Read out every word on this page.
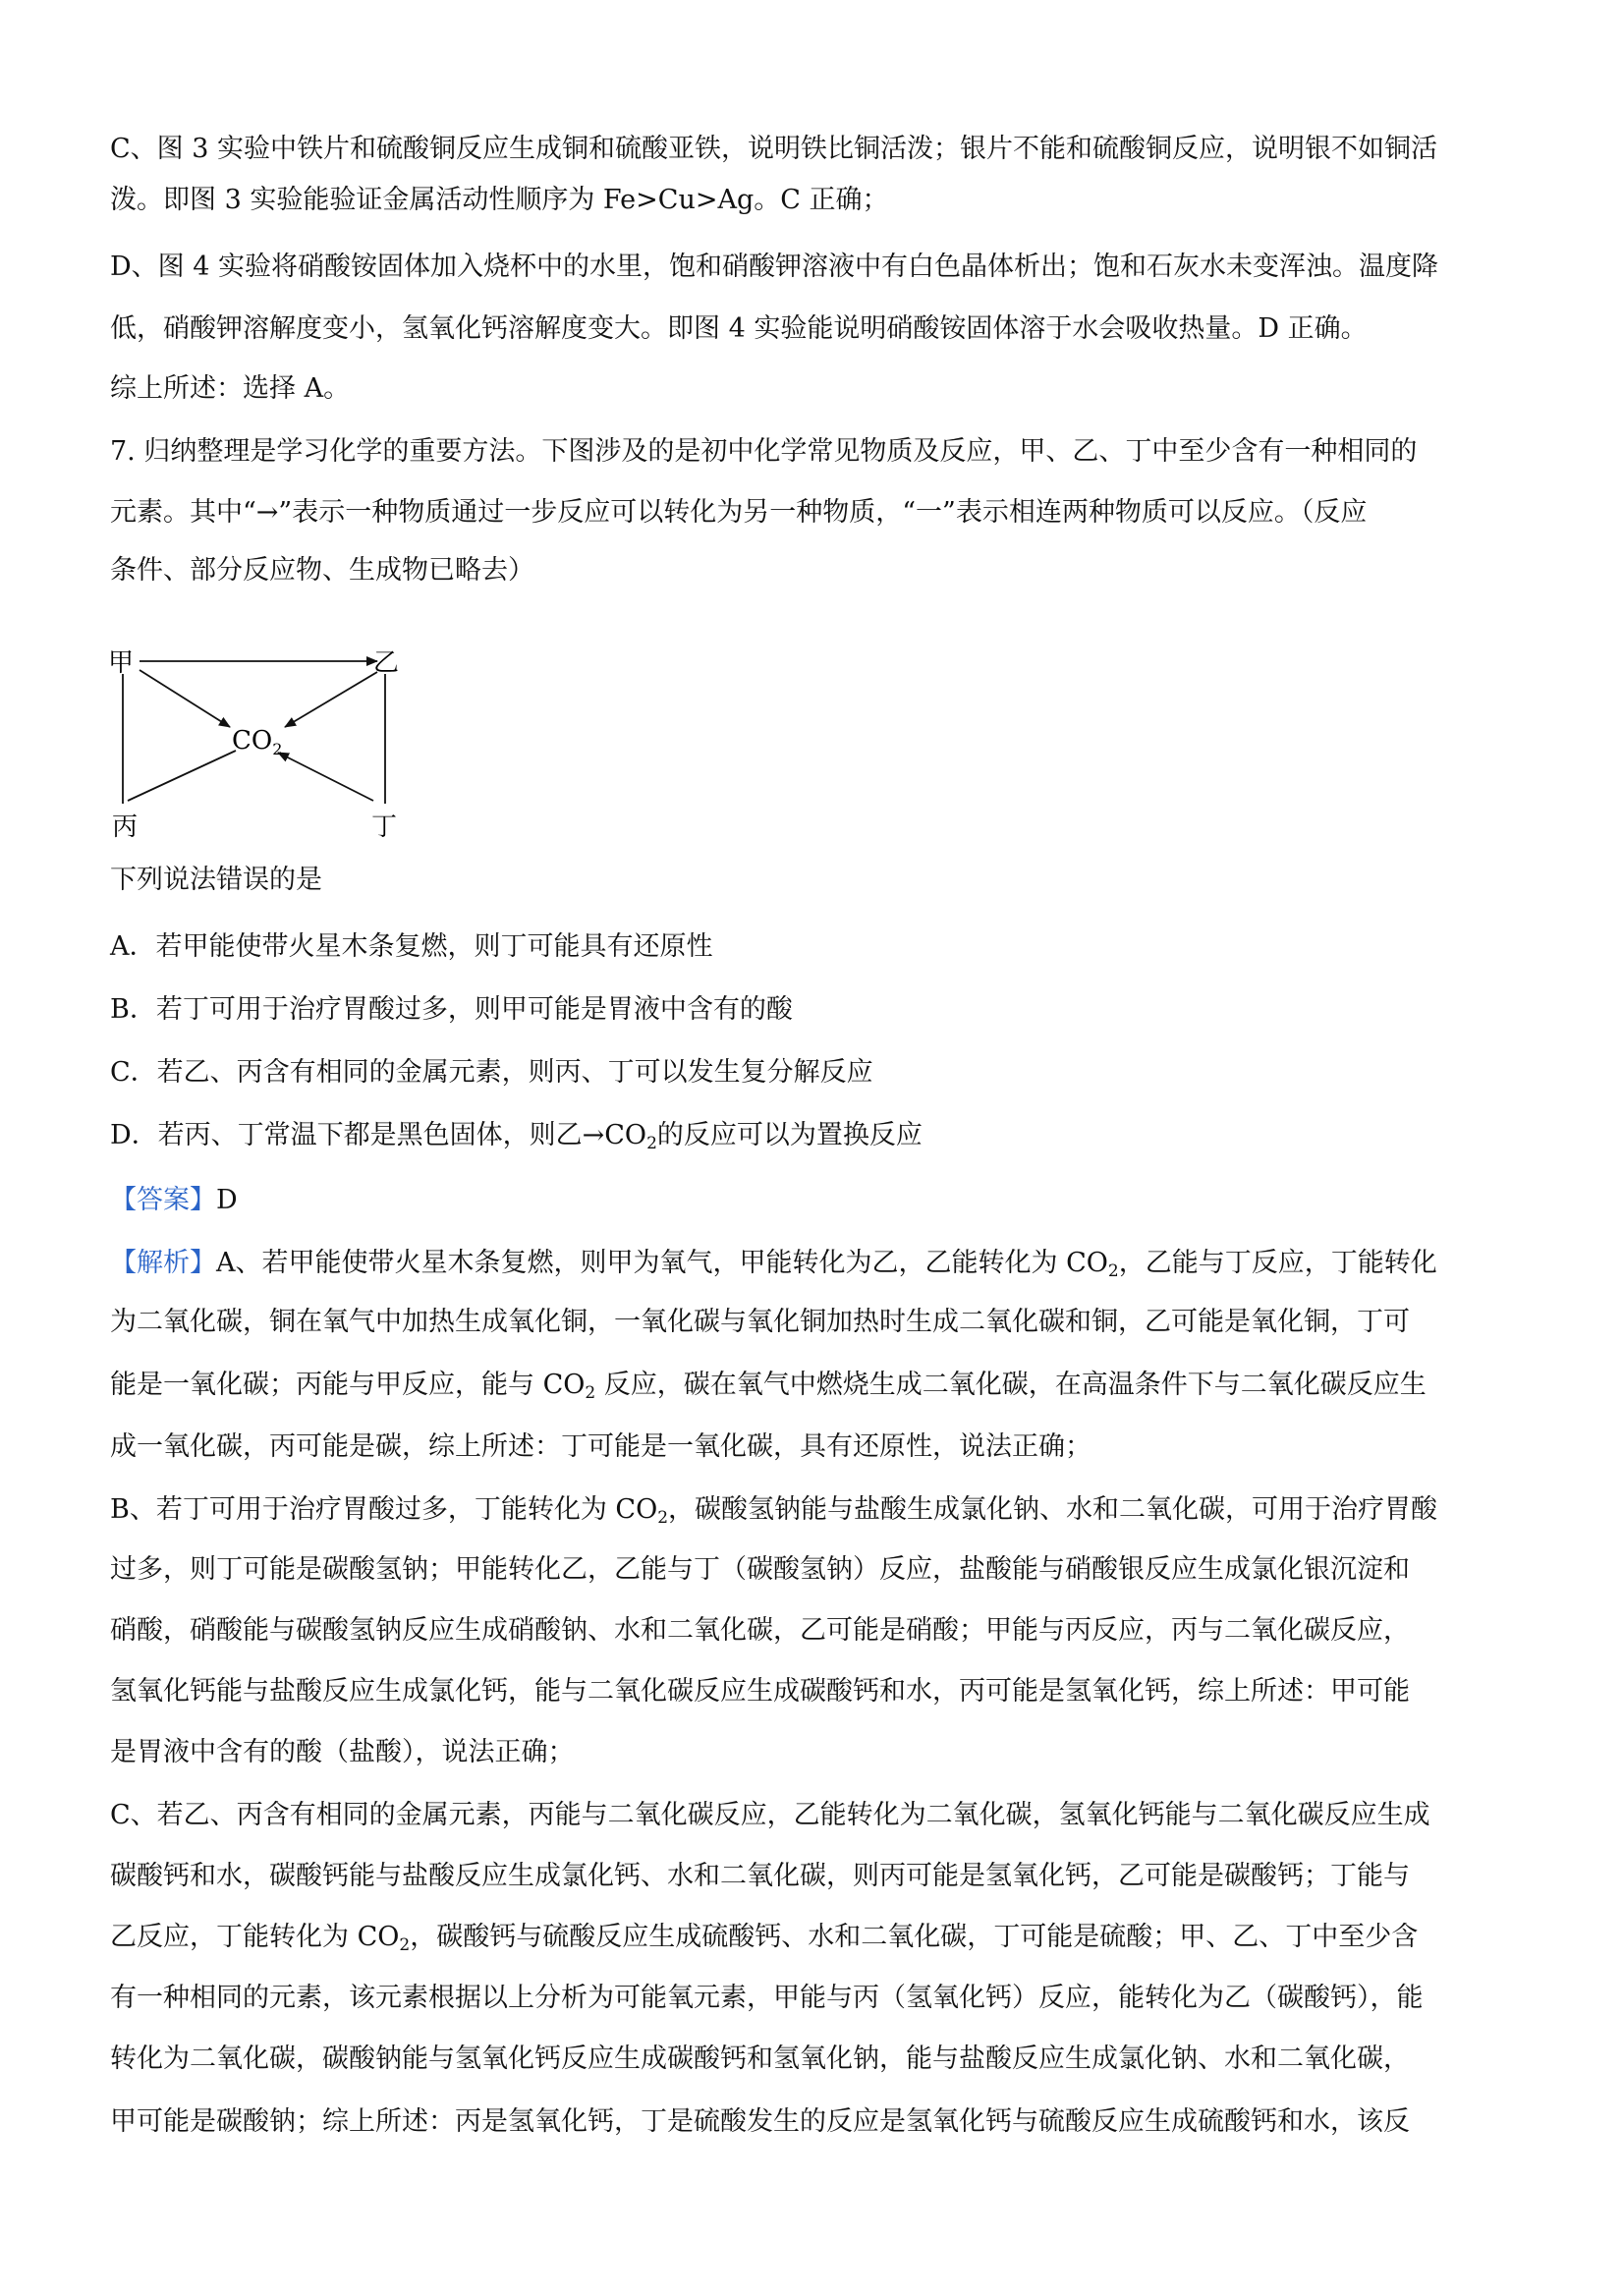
C、图 3 实验中铁片和硫酸铜反应生成铜和硫酸亚铁，说明铁比铜活泼；银片不能和硫酸铜反应，说明银不如铜活
泼。即图 3 实验能验证金属活动性顺序为 Fe>Cu>Ag。C 正确；
D、图 4 实验将硝酸铵固体加入烧杯中的水里，饱和硝酸钾溶液中有白色晶体析出；饱和石灰水未变浑浊。温度降
低，硝酸钾溶解度变小，氢氧化钙溶解度变大。即图 4 实验能说明硝酸铵固体溶于水会吸收热量。D 正确。
综上所述：选择 A。
7. 归纳整理是学习化学的重要方法。下图涉及的是初中化学常见物质及反应，甲、乙、丁中至少含有一种相同的
元素。其中“→”表示一种物质通过一步反应可以转化为另一种物质，“一”表示相连两种物质可以反应。（反应
条件、部分反应物、生成物已略去）
甲	乙
丙	丁
$CO_2$
下列说法错误的是
A．若甲能使带火星木条复燃，则丁可能具有还原性
B．若丁可用于治疗胃酸过多，则甲可能是胃液中含有的酸
C．若乙、丙含有相同的金属元素，则丙、丁可以发生复分解反应
D．若丙、丁常温下都是黑色固体，则乙$\to CO_2$的反应可以为置换反应
【答案】D
【解析】A、若甲能使带火星木条复燃，则甲为氧气，甲能转化为乙，乙能转化为 $CO_2$，乙能与丁反应，丁能转化
为二氧化碳，铜在氧气中加热生成氧化铜，一氧化碳与氧化铜加热时生成二氧化碳和铜，乙可能是氧化铜，丁可
能是一氧化碳；丙能与甲反应，能与 $CO_2$ 反应，碳在氧气中燃烧生成二氧化碳，在高温条件下与二氧化碳反应生
成一氧化碳，丙可能是碳，综上所述：丁可能是一氧化碳，具有还原性，说法正确；
B、若丁可用于治疗胃酸过多，丁能转化为 $CO_2$，碳酸氢钠能与盐酸生成氯化钠、水和二氧化碳，可用于治疗胃酸
过多，则丁可能是碳酸氢钠；甲能转化乙，乙能与丁（碳酸氢钠）反应，盐酸能与硝酸银反应生成氯化银沉淀和
硝酸，硝酸能与碳酸氢钠反应生成硝酸钠、水和二氧化碳，乙可能是硝酸；甲能与丙反应，丙与二氧化碳反应，
氢氧化钙能与盐酸反应生成氯化钙，能与二氧化碳反应生成碳酸钙和水，丙可能是氢氧化钙，综上所述：甲可能
是胃液中含有的酸（盐酸），说法正确；
C、若乙、丙含有相同的金属元素，丙能与二氧化碳反应，乙能转化为二氧化碳，氢氧化钙能与二氧化碳反应生成
碳酸钙和水，碳酸钙能与盐酸反应生成氯化钙、水和二氧化碳，则丙可能是氢氧化钙，乙可能是碳酸钙；丁能与
乙反应，丁能转化为 $CO_2$，碳酸钙与硫酸反应生成硫酸钙、水和二氧化碳，丁可能是硫酸；甲、乙、丁中至少含
有一种相同的元素，该元素根据以上分析为可能氧元素，甲能与丙（氢氧化钙）反应，能转化为乙（碳酸钙），能
转化为二氧化碳，碳酸钠能与氢氧化钙反应生成碳酸钙和氢氧化钠，能与盐酸反应生成氯化钠、水和二氧化碳，
甲可能是碳酸钠；综上所述：丙是氢氧化钙，丁是硫酸发生的反应是氢氧化钙与硫酸反应生成硫酸钙和水，该反
